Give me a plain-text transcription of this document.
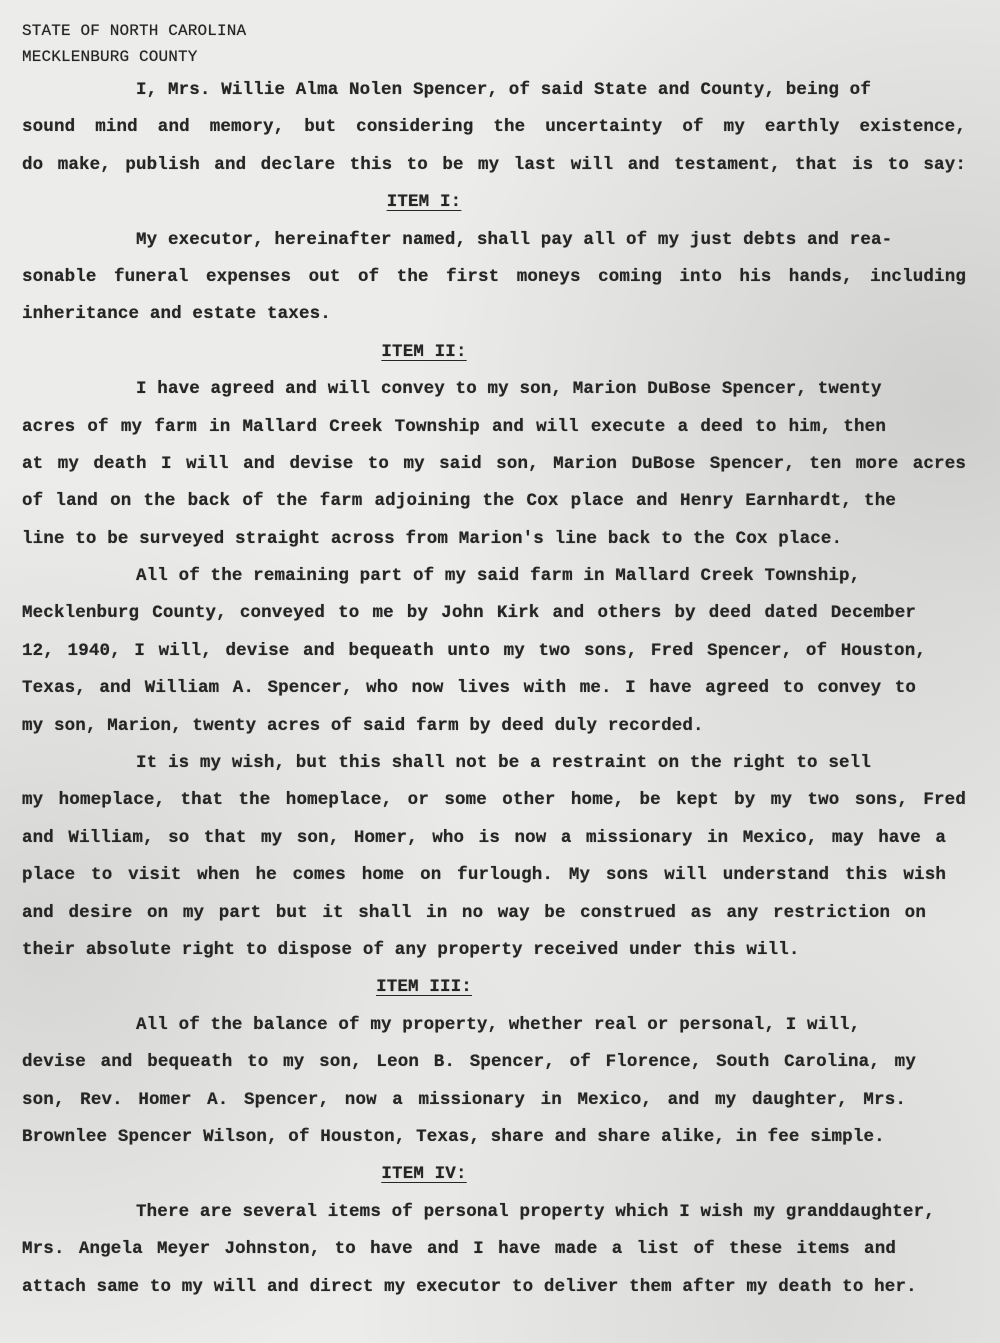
STATE OF NORTH CAROLINA
MECKLENBURG COUNTY
I, Mrs. Willie Alma Nolen Spencer, of said State and County, being of
sound mind and memory, but considering the uncertainty of my earthly existence,
do make, publish and declare this to be my last will and testament, that is to say:
ITEM I:
My executor, hereinafter named, shall pay all of my just debts and rea-
sonable funeral expenses out of the first moneys coming into his hands, including
inheritance and estate taxes.
ITEM II:
I have agreed and will convey to my son, Marion DuBose Spencer, twenty
acres of my farm in Mallard Creek Township and will execute a deed to him, then
at my death I will and devise to my said son, Marion DuBose Spencer, ten more acres
of land on the back of the farm adjoining the Cox place and Henry Earnhardt, the
line to be surveyed straight across from Marion's line back to the Cox place.
All of the remaining part of my said farm in Mallard Creek Township,
Mecklenburg County, conveyed to me by John Kirk and others by deed dated December
12, 1940, I will, devise and bequeath unto my two sons, Fred Spencer, of Houston,
Texas, and William A. Spencer, who now lives with me. I have agreed to convey to
my son, Marion, twenty acres of said farm by deed duly recorded.
It is my wish, but this shall not be a restraint on the right to sell
my homeplace, that the homeplace, or some other home, be kept by my two sons, Fred
and William, so that my son, Homer, who is now a missionary in Mexico, may have a
place to visit when he comes home on furlough. My sons will understand this wish
and desire on my part but it shall in no way be construed as any restriction on
their absolute right to dispose of any property received under this will.
ITEM III:
All of the balance of my property, whether real or personal, I will,
devise and bequeath to my son, Leon B. Spencer, of Florence, South Carolina, my
son, Rev. Homer A. Spencer, now a missionary in Mexico, and my daughter, Mrs.
Brownlee Spencer Wilson, of Houston, Texas, share and share alike, in fee simple.
ITEM IV:
There are several items of personal property which I wish my granddaughter,
Mrs. Angela Meyer Johnston, to have and I have made a list of these items and
attach same to my will and direct my executor to deliver them after my death to her.
